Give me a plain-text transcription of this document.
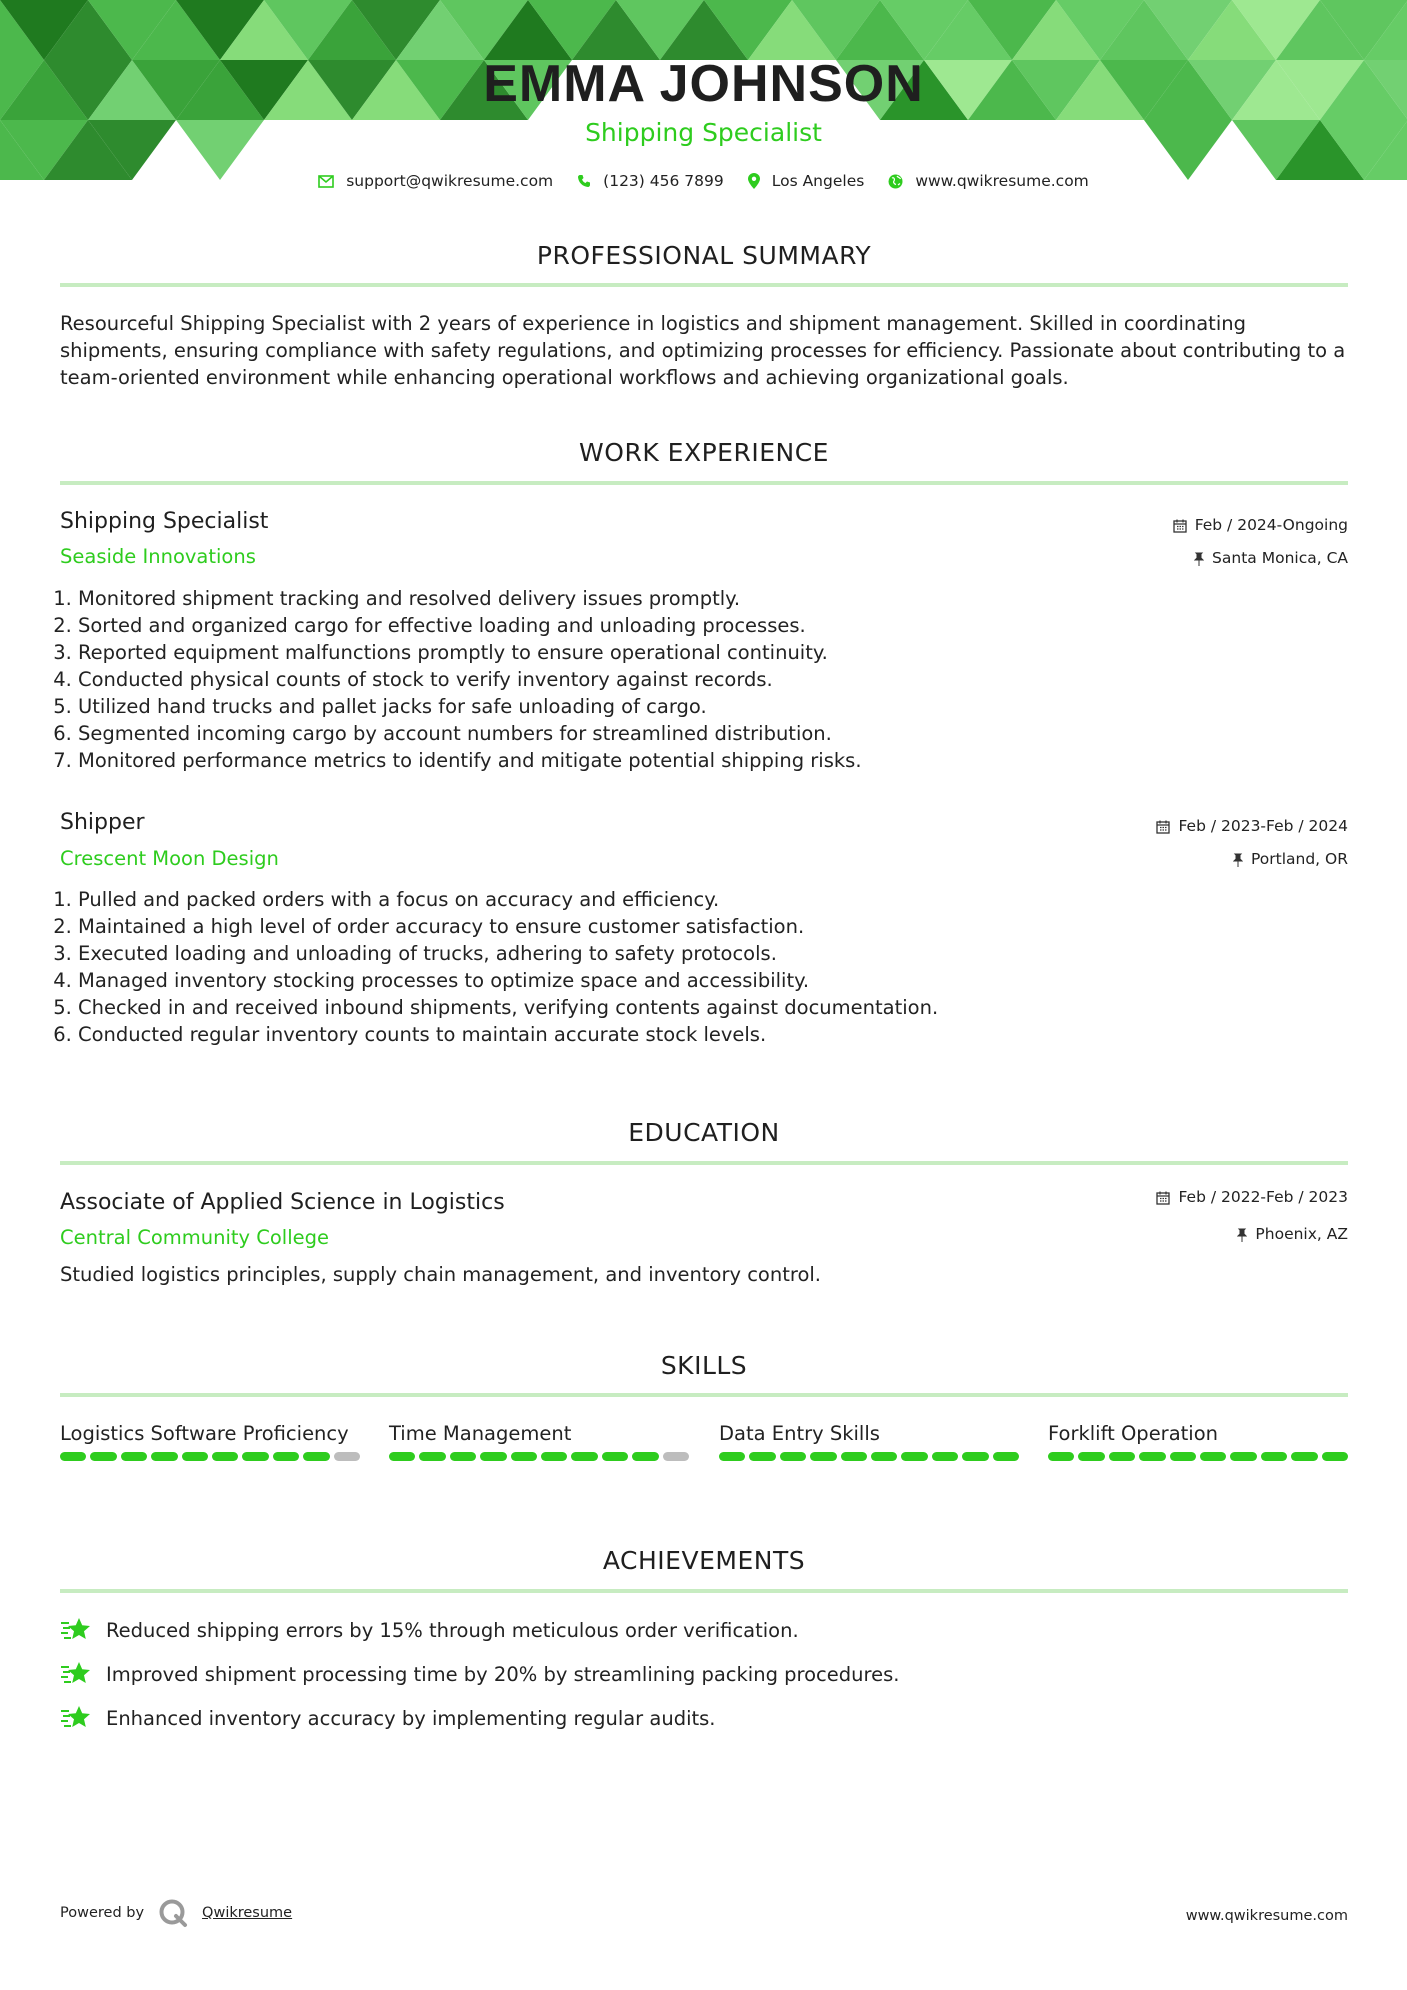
EMMA JOHNSON
Shipping Specialist
support@qwikresume.com	(123) 456 7899	Los Angeles	www.qwikresume.com
PROFESSIONAL SUMMARY

Resourceful Shipping Specialist with 2 years of experience in logistics and shipment management. Skilled in coordinating shipments, ensuring compliance with safety regulations, and optimizing processes for efficiency. Passionate about contributing to a team-oriented environment while enhancing operational workflows and achieving organizational goals.

WORK EXPERIENCE
Shipping Specialist
Seaside Innovations
Feb / 2024-Ongoing
Santa Monica, CA
1. Monitored shipment tracking and resolved delivery issues promptly.
2. Sorted and organized cargo for effective loading and unloading processes.
3. Reported equipment malfunctions promptly to ensure operational continuity.
4. Conducted physical counts of stock to verify inventory against records.
5. Utilized hand trucks and pallet jacks for safe unloading of cargo.
6. Segmented incoming cargo by account numbers for streamlined distribution.
7. Monitored performance metrics to identify and mitigate potential shipping risks.
Shipper
Crescent Moon Design
Feb / 2023-Feb / 2024
Portland, OR
1. Pulled and packed orders with a focus on accuracy and efficiency.
2. Maintained a high level of order accuracy to ensure customer satisfaction.
3. Executed loading and unloading of trucks, adhering to safety protocols.
4. Managed inventory stocking processes to optimize space and accessibility.
5. Checked in and received inbound shipments, verifying contents against documentation.
6. Conducted regular inventory counts to maintain accurate stock levels.
EDUCATION
Associate of Applied Science in Logistics
Central Community College
Feb / 2022-Feb / 2023
Phoenix, AZ

Studied logistics principles, supply chain management, and inventory control.

SKILLS
Logistics Software Proficiency	Time Management	Data Entry Skills	Forklift Operation
ACHIEVEMENTS
Reduced shipping errors by 15% through meticulous order verification.
Improved shipment processing time by 20% by streamlining packing procedures.
Enhanced inventory accuracy by implementing regular audits.
Powered by	Qwikresume	www.qwikresume.com
